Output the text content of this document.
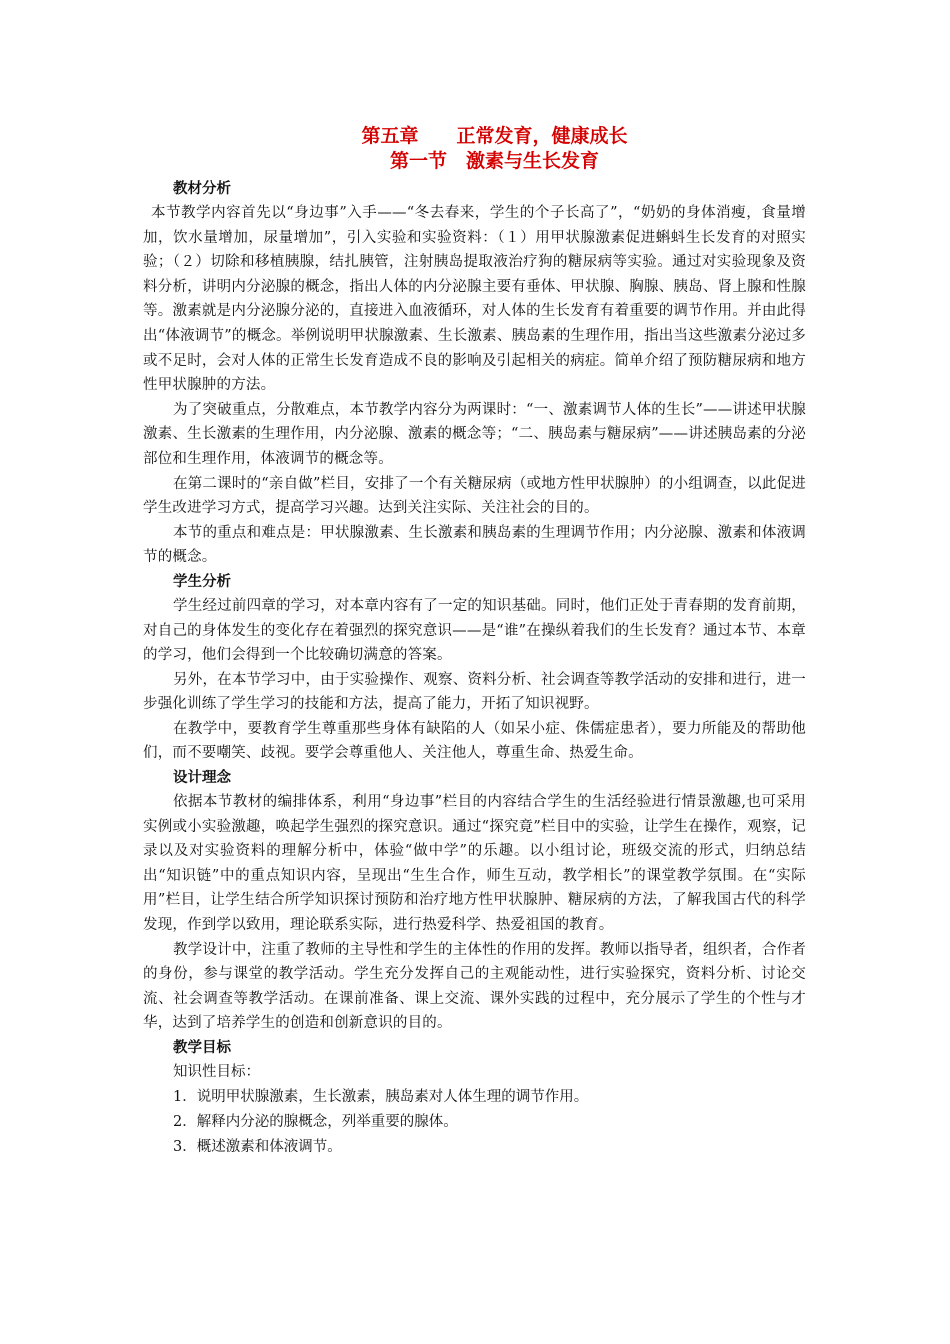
第五章　　正常发育，健康成长
第一节　激素与生长发育
教材分析

本节教学内容首先以“身边事”入手——“冬去春来，学生的个子长高了”，“奶奶的身体消瘦，食量增加，饮水量增加，尿量增加”，引入实验和实验资料：（１）用甲状腺激素促进蝌蚪生长发育的对照实验；（２）切除和移植胰腺，结扎胰管，注射胰岛提取液治疗狗的糖尿病等实验。通过对实验现象及资料分析，讲明内分泌腺的概念，指出人体的内分泌腺主要有垂体、甲状腺、胸腺、胰岛、肾上腺和性腺等。激素就是内分泌腺分泌的，直接进入血液循环，对人体的生长发育有着重要的调节作用。并由此得出“体液调节”的概念。举例说明甲状腺激素、生长激素、胰岛素的生理作用，指出当这些激素分泌过多或不足时，会对人体的正常生长发育造成不良的影响及引起相关的病症。简单介绍了预防糖尿病和地方性甲状腺肿的方法。

为了突破重点，分散难点，本节教学内容分为两课时：“一、激素调节人体的生长”——讲述甲状腺激素、生长激素的生理作用，内分泌腺、激素的概念等；“二、胰岛素与糖尿病”——讲述胰岛素的分泌部位和生理作用，体液调节的概念等。

在第二课时的“亲自做”栏目，安排了一个有关糖尿病（或地方性甲状腺肿）的小组调查，以此促进学生改进学习方式，提高学习兴趣。达到关注实际、关注社会的目的。

本节的重点和难点是：甲状腺激素、生长激素和胰岛素的生理调节作用；内分泌腺、激素和体液调节的概念。

学生分析

学生经过前四章的学习，对本章内容有了一定的知识基础。同时，他们正处于青春期的发育前期，对自己的身体发生的变化存在着强烈的探究意识——是“谁”在操纵着我们的生长发育？通过本节、本章的学习，他们会得到一个比较确切满意的答案。

另外，在本节学习中，由于实验操作、观察、资料分析、社会调查等教学活动的安排和进行，进一步强化训练了学生学习的技能和方法，提高了能力，开拓了知识视野。

在教学中，要教育学生尊重那些身体有缺陷的人（如呆小症、侏儒症患者），要力所能及的帮助他们，而不要嘲笑、歧视。要学会尊重他人、关注他人，尊重生命、热爱生命。

设计理念

依据本节教材的编排体系，利用“身边事”栏目的内容结合学生的生活经验进行情景激趣,也可采用实例或小实验激趣，唤起学生强烈的探究意识。通过“探究竟”栏目中的实验，让学生在操作，观察，记录以及对实验资料的理解分析中，体验“做中学”的乐趣。以小组讨论，班级交流的形式，归纳总结出“知识链”中的重点知识内容，呈现出“生生合作，师生互动，教学相长”的课堂教学氛围。在“实际用”栏目，让学生结合所学知识探讨预防和治疗地方性甲状腺肿、糖尿病的方法，了解我国古代的科学发现，作到学以致用，理论联系实际，进行热爱科学、热爱祖国的教育。

教学设计中，注重了教师的主导性和学生的主体性的作用的发挥。教师以指导者，组织者，合作者的身份，参与课堂的教学活动。学生充分发挥自己的主观能动性，进行实验探究，资料分析、讨论交流、社会调查等教学活动。在课前准备、课上交流、课外实践的过程中，充分展示了学生的个性与才华，达到了培养学生的创造和创新意识的目的。

教学目标

知识性目标：

1．说明甲状腺激素，生长激素，胰岛素对人体生理的调节作用。

2．解释内分泌的腺概念，列举重要的腺体。

3．概述激素和体液调节。
